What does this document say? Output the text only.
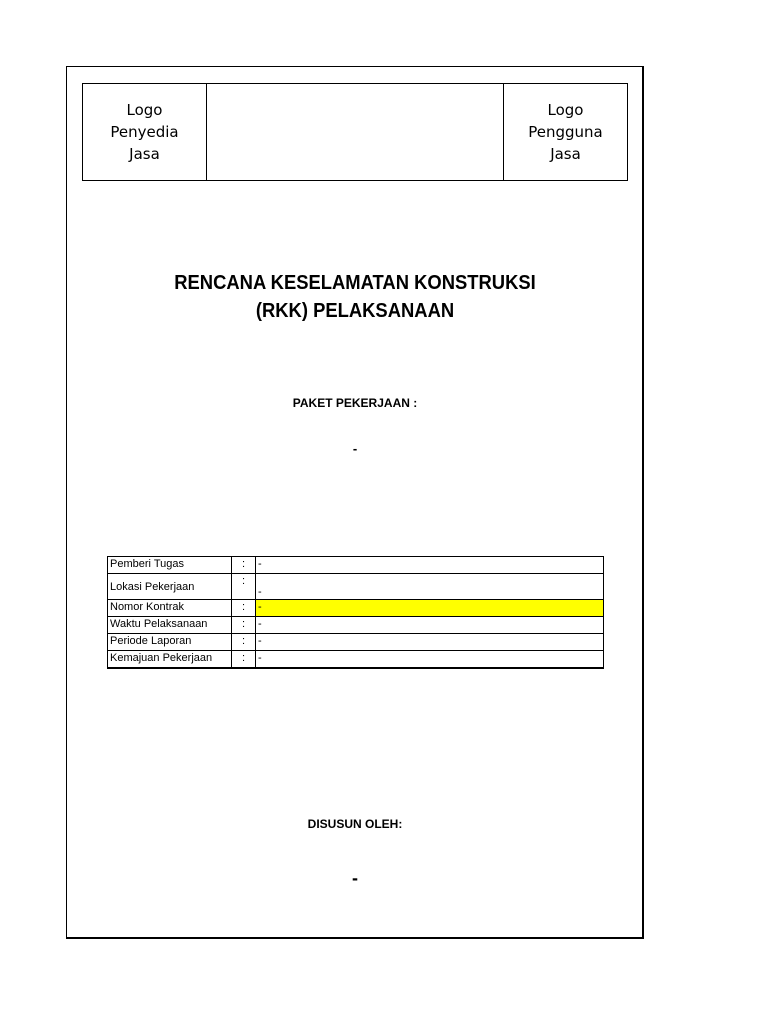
Logo
Penyedia
Jasa
Logo
Pengguna
Jasa
RENCANA KESELAMATAN KONSTRUKSI
(RKK) PELAKSANAAN
PAKET PEKERJAAN :
-
Pemberi Tugas	:	-
Lokasi Pekerjaan	:	-
Nomor Kontrak	:	-
Waktu Pelaksanaan	:	-
Periode Laporan	:	-
Kemajuan Pekerjaan	:	-
DISUSUN OLEH:
-
